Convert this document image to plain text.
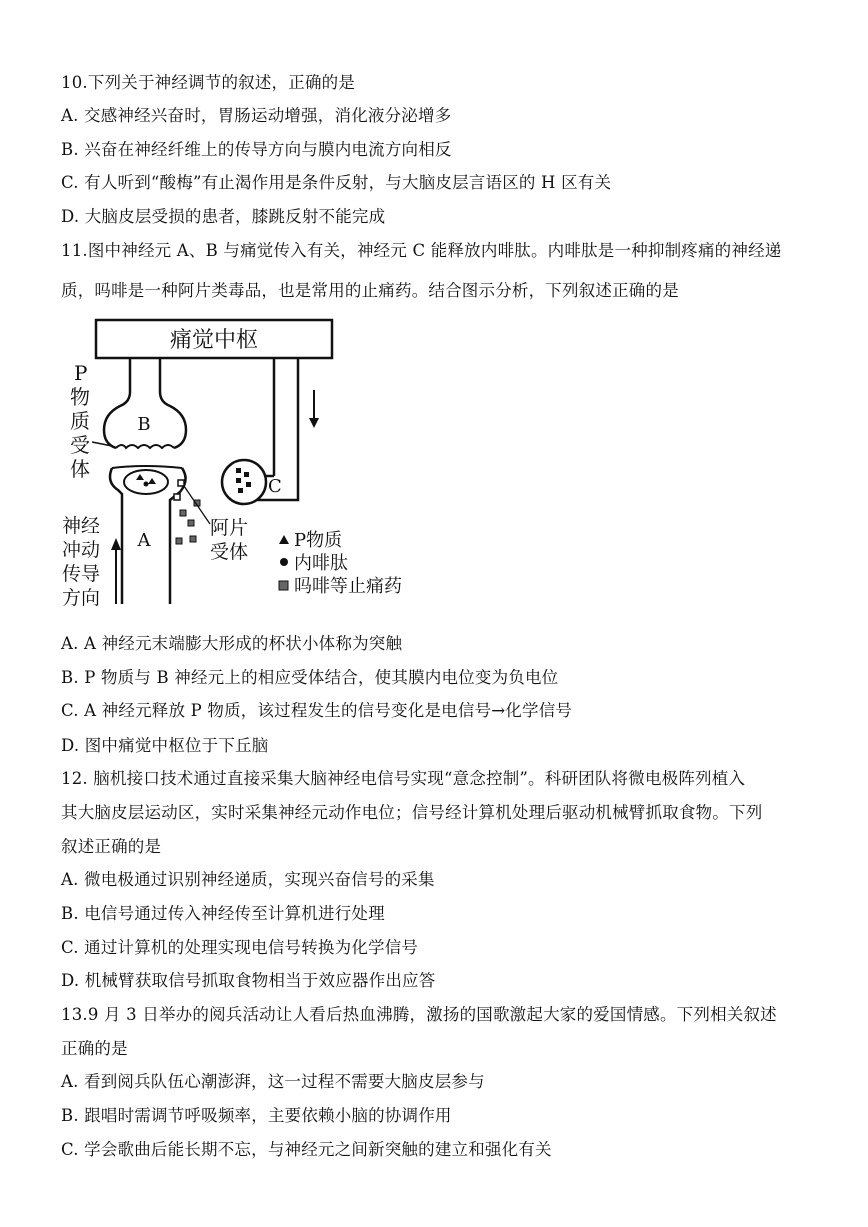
10.下列关于神经调节的叙述，正确的是
A. 交感神经兴奋时，胃肠运动增强，消化液分泌增多
B. 兴奋在神经纤维上的传导方向与膜内电流方向相反
C. 有人听到“酸梅”有止渴作用是条件反射，与大脑皮层言语区的 H 区有关
D. 大脑皮层受损的患者，膝跳反射不能完成
11.图中神经元 A、B 与痛觉传入有关，神经元 C 能释放内啡肽。内啡肽是一种抑制疼痛的神经递
质，吗啡是一种阿片类毒品，也是常用的止痛药。结合图示分析，下列叙述正确的是
痛觉中枢
B
P
物
质
受
体
C
A
神经
冲动
传导
方向
阿片
受体
P物质
内啡肽
吗啡等止痛药
A. A 神经元末端膨大形成的杯状小体称为突触
B. P 物质与 B 神经元上的相应受体结合，使其膜内电位变为负电位
C. A 神经元释放 P 物质，该过程发生的信号变化是电信号→化学信号
D. 图中痛觉中枢位于下丘脑
12. 脑机接口技术通过直接采集大脑神经电信号实现“意念控制”。科研团队将微电极阵列植入
其大脑皮层运动区，实时采集神经元动作电位；信号经计算机处理后驱动机械臂抓取食物。下列
叙述正确的是
A. 微电极通过识别神经递质，实现兴奋信号的采集
B. 电信号通过传入神经传至计算机进行处理
C. 通过计算机的处理实现电信号转换为化学信号
D. 机械臂获取信号抓取食物相当于效应器作出应答
13.9 月 3 日举办的阅兵活动让人看后热血沸腾，激扬的国歌激起大家的爱国情感。下列相关叙述
正确的是
A. 看到阅兵队伍心潮澎湃，这一过程不需要大脑皮层参与
B. 跟唱时需调节呼吸频率，主要依赖小脑的协调作用
C. 学会歌曲后能长期不忘，与神经元之间新突触的建立和强化有关
